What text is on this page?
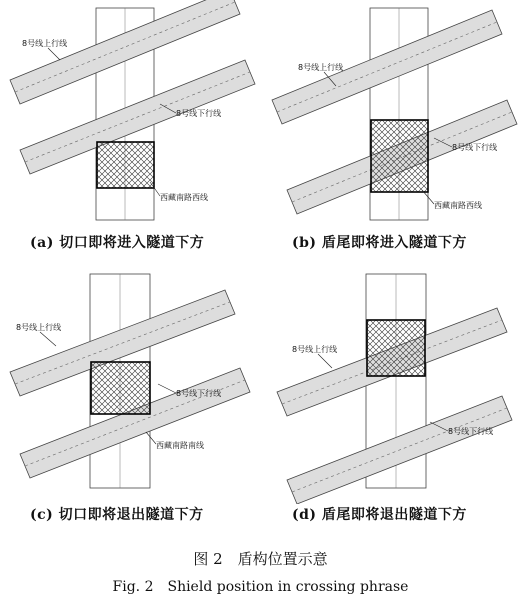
8号线上行线
8号线下行线
西藏南路西线
(a) 切口即将进入隧道下方
8号线上行线
8号线下行线
西藏南路西线
(b) 盾尾即将进入隧道下方
8号线上行线
8号线下行线
西藏南路南线
(c) 切口即将退出隧道下方
8号线上行线
8号线下行线
(d) 盾尾即将退出隧道下方
图 2　盾构位置示意
Fig. 2　Shield position in crossing phrase
